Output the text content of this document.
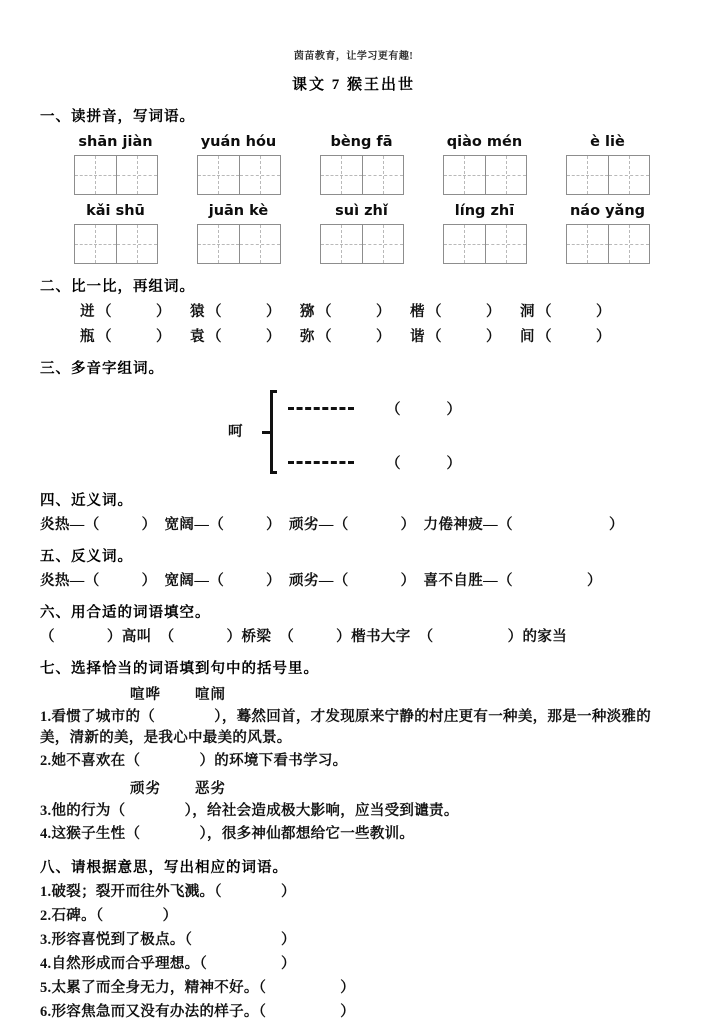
茵苗教育，让学习更有趣!
课文 7 猴王出世
一、读拼音，写词语。
shān jiàn	yuán hóu	bèng fā	qiào mén	è liè
kǎi shū	juān kè	suì zhǐ	líng zhī	náo yǎng
二、比一比，再组词。
迸 （	）	猿 （	）	猕 （	）	楷 （	）	洞 （	）
瓶 （	）	袁 （	）	弥 （	）	谐 （	）	间 （	）
三、多音字组词。
呵
（）
（）
四、近义词。
炎热—（	） 宽阔—（	） 顽劣—（	） 力倦神疲—（	）
五、反义词。
炎热—（	） 宽阔—（	） 顽劣—（	） 喜不自胜—（	）
六、用合适的词语填空。
（	）高叫 （	）桥梁 （	）楷书大字 （	）的家当
七、选择恰当的词语填到句中的括号里。
喧哗 喧闹
1.看惯了城市的（　　　　），蓦然回首，才发现原来宁静的村庄更有一种美，那是一种淡雅的美，清新的美，是我心中最美的风景。
2.她不喜欢在（　　　　）的环境下看书学习。
顽劣 恶劣
3.他的行为（　　　　），给社会造成极大影响，应当受到谴责。
4.这猴子生性（　　　　），很多神仙都想给它一些教训。
八、请根据意思，写出相应的词语。
1.破裂；裂开而往外飞溅。（　　　　）
2.石碑。（　　　　）
3.形容喜悦到了极点。（　　　　　　）
4.自然形成而合乎理想。（　　　　　）
5.太累了而全身无力，精神不好。（　　　　　）
6.形容焦急而又没有办法的样子。（　　　　　）
